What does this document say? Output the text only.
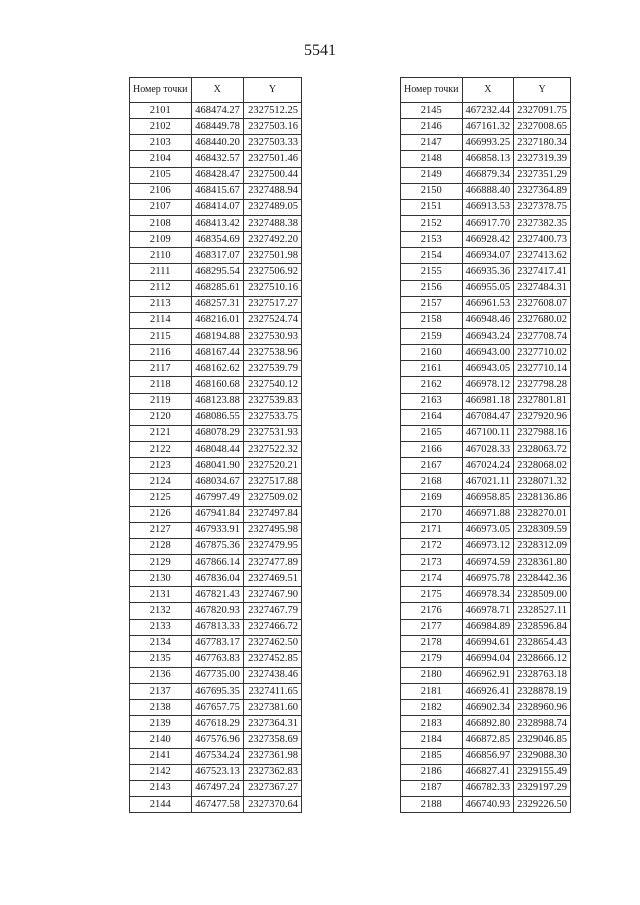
5541
Номер точки	X	Y
2101	468474.27	2327512.25
2102	468449.78	2327503.16
2103	468440.20	2327503.33
2104	468432.57	2327501.46
2105	468428.47	2327500.44
2106	468415.67	2327488.94
2107	468414.07	2327489.05
2108	468413.42	2327488.38
2109	468354.69	2327492.20
2110	468317.07	2327501.98
2111	468295.54	2327506.92
2112	468285.61	2327510.16
2113	468257.31	2327517.27
2114	468216.01	2327524.74
2115	468194.88	2327530.93
2116	468167.44	2327538.96
2117	468162.62	2327539.79
2118	468160.68	2327540.12
2119	468123.88	2327539.83
2120	468086.55	2327533.75
2121	468078.29	2327531.93
2122	468048.44	2327522.32
2123	468041.90	2327520.21
2124	468034.67	2327517.88
2125	467997.49	2327509.02
2126	467941.84	2327497.84
2127	467933.91	2327495.98
2128	467875.36	2327479.95
2129	467866.14	2327477.89
2130	467836.04	2327469.51
2131	467821.43	2327467.90
2132	467820.93	2327467.79
2133	467813.33	2327466.72
2134	467783.17	2327462.50
2135	467763.83	2327452.85
2136	467735.00	2327438.46
2137	467695.35	2327411.65
2138	467657.75	2327381.60
2139	467618.29	2327364.31
2140	467576.96	2327358.69
2141	467534.24	2327361.98
2142	467523.13	2327362.83
2143	467497.24	2327367.27
2144	467477.58	2327370.64
Номер точки	X	Y
2145	467232.44	2327091.75
2146	467161.32	2327008.65
2147	466993.25	2327180.34
2148	466858.13	2327319.39
2149	466879.34	2327351.29
2150	466888.40	2327364.89
2151	466913.53	2327378.75
2152	466917.70	2327382.35
2153	466928.42	2327400.73
2154	466934.07	2327413.62
2155	466935.36	2327417.41
2156	466955.05	2327484.31
2157	466961.53	2327608.07
2158	466948.46	2327680.02
2159	466943.24	2327708.74
2160	466943.00	2327710.02
2161	466943.05	2327710.14
2162	466978.12	2327798.28
2163	466981.18	2327801.81
2164	467084.47	2327920.96
2165	467100.11	2327988.16
2166	467028.33	2328063.72
2167	467024.24	2328068.02
2168	467021.11	2328071.32
2169	466958.85	2328136.86
2170	466971.88	2328270.01
2171	466973.05	2328309.59
2172	466973.12	2328312.09
2173	466974.59	2328361.80
2174	466975.78	2328442.36
2175	466978.34	2328509.00
2176	466978.71	2328527.11
2177	466984.89	2328596.84
2178	466994.61	2328654.43
2179	466994.04	2328666.12
2180	466962.91	2328763.18
2181	466926.41	2328878.19
2182	466902.34	2328960.96
2183	466892.80	2328988.74
2184	466872.85	2329046.85
2185	466856.97	2329088.30
2186	466827.41	2329155.49
2187	466782.33	2329197.29
2188	466740.93	2329226.50
